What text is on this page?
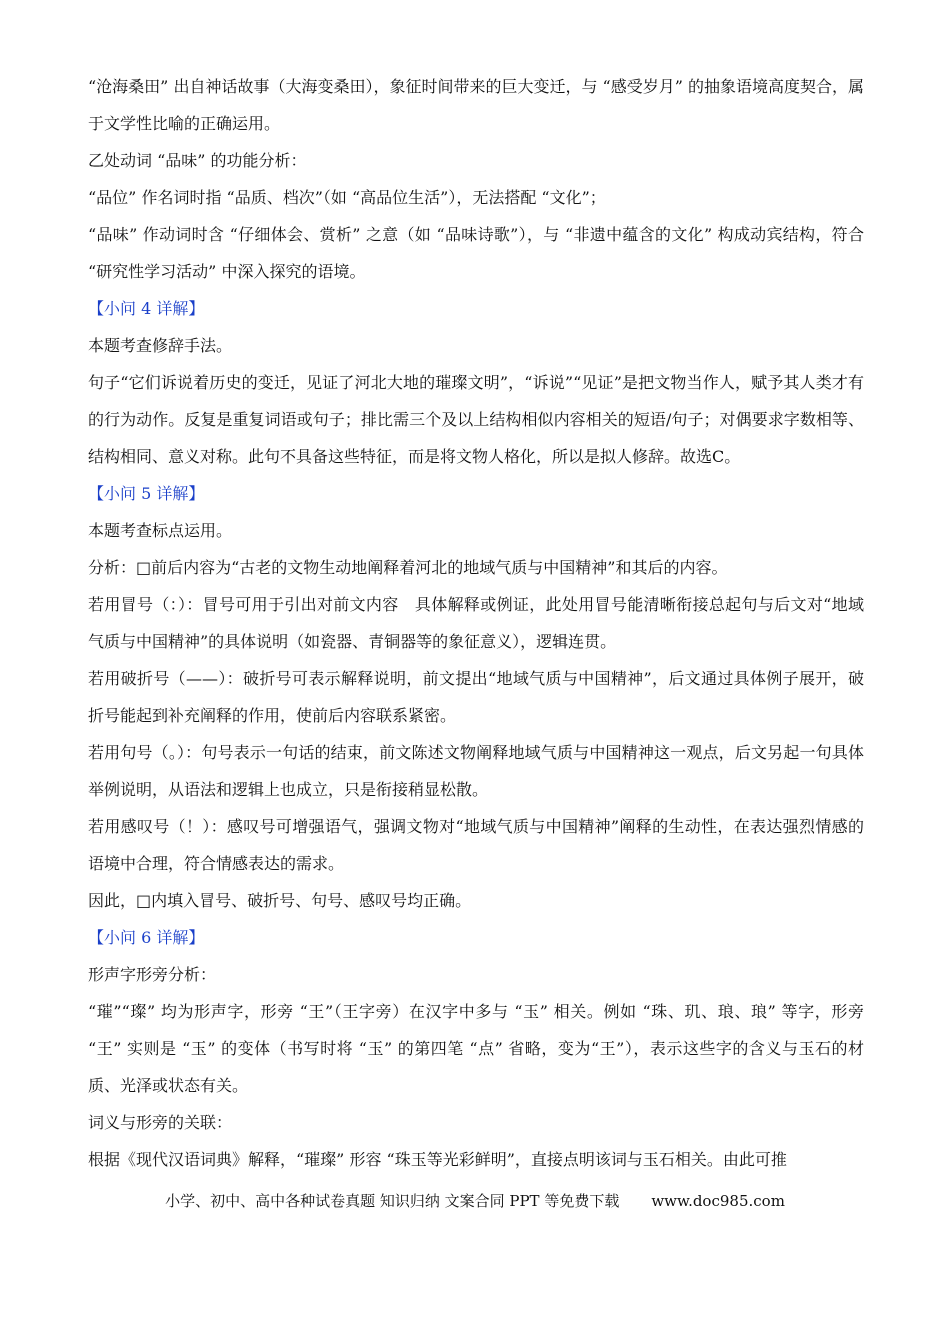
“沧海桑田” 出自神话故事（大海变桑田），象征时间带来的巨大变迁，与 “感受岁月” 的抽象语境高度契合，属于文学性比喻的正确运用。

乙处动词 “品味” 的功能分析：

“品位” 作名词时指 “品质、档次”（如 “高品位生活”），无法搭配 “文化”；

“品味” 作动词时含 “仔细体会、赏析” 之意（如 “品味诗歌”），与 “非遗中蕴含的文化” 构成动宾结构，符合 “研究性学习活动” 中深入探究的语境。

【小问 4 详解】

本题考查修辞手法。

句子“它们诉说着历史的变迁，见证了河北大地的璀璨文明”，“诉说”“见证”是把文物当作人，赋予其人类才有的行为动作。反复是重复词语或句子；排比需三个及以上结构相似内容相关的短语/句子；对偶要求字数相等、结构相同、意义对称。此句不具备这些特征，而是将文物人格化，所以是拟人修辞。故选C。

【小问 5 详解】

本题考查标点运用。

分析：□前后内容为“古老的文物生动地阐释着河北的地域气质与中国精神”和其后的内容。

若用冒号（：）：冒号可用于引出对前文内容　具体解释或例证，此处用冒号能清晰衔接总起句与后文对“地域气质与中国精神”的具体说明（如瓷器、青铜器等的象征意义），逻辑连贯。

若用破折号（——）：破折号可表示解释说明，前文提出“地域气质与中国精神”，后文通过具体例子展开，破折号能起到补充阐释的作用，使前后内容联系紧密。

若用句号（。）：句号表示一句话的结束，前文陈述文物阐释地域气质与中国精神这一观点，后文另起一句具体举例说明，从语法和逻辑上也成立，只是衔接稍显松散。

若用感叹号（！）：感叹号可增强语气，强调文物对“地域气质与中国精神”阐释的生动性，在表达强烈情感的语境中合理，符合情感表达的需求。

因此，□内填入冒号、破折号、句号、感叹号均正确。

【小问 6 详解】

形声字形旁分析：

“璀”“璨” 均为形声字，形旁 “王”（王字旁）在汉字中多与 “玉” 相关。例如 “珠、玑、琅、琅” 等字，形旁 “王” 实则是 “玉” 的变体（书写时将 “玉” 的第四笔 “点” 省略，变为“王”），表示这些字的含义与玉石的材质、光泽或状态有关。

词义与形旁的关联：

根据《现代汉语词典》解释，“璀璨” 形容 “珠玉等光彩鲜明”，直接点明该词与玉石相关。由此可推

小学、初中、高中各种试卷真题 知识归纳 文案合同 PPT 等免费下载 www.doc985.com
